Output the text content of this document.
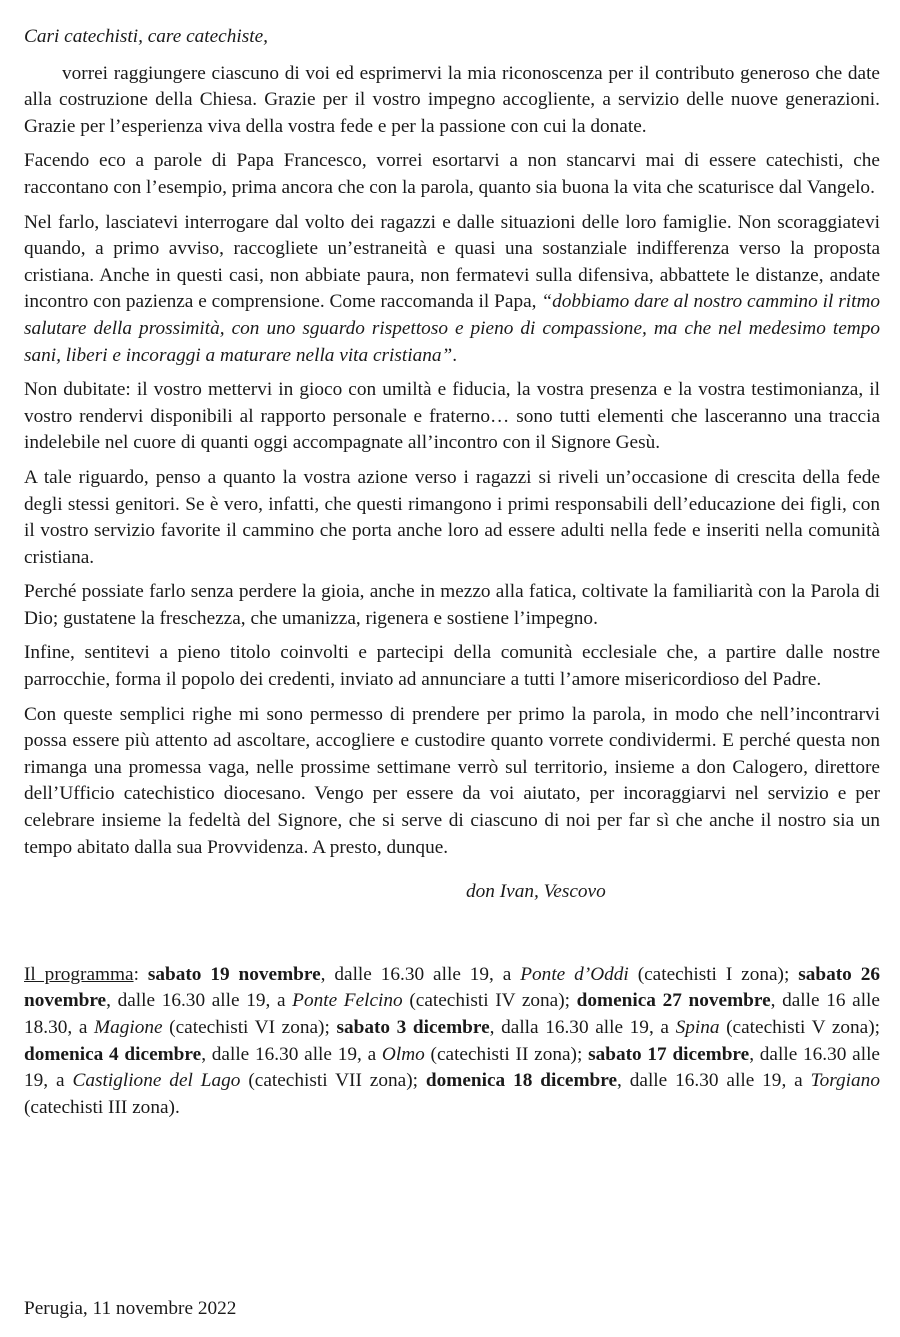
Cari catechisti, care catechiste,

vorrei raggiungere ciascuno di voi ed esprimervi la mia riconoscenza per il contributo generoso che date alla costruzione della Chiesa. Grazie per il vostro impegno accogliente, a servizio delle nuove generazioni. Grazie per l’esperienza viva della vostra fede e per la passione con cui la donate.

Facendo eco a parole di Papa Francesco, vorrei esortarvi a non stancarvi mai di essere catechisti, che raccontano con l’esempio, prima ancora che con la parola, quanto sia buona la vita che scaturisce dal Vangelo.

Nel farlo, lasciatevi interrogare dal volto dei ragazzi e dalle situazioni delle loro famiglie. Non scoraggiatevi quando, a primo avviso, raccogliete un’estraneità e quasi una sostanziale indifferenza verso la proposta cristiana. Anche in questi casi, non abbiate paura, non fermatevi sulla difensiva, abbattete le distanze, andate incontro con pazienza e comprensione. Come raccomanda il Papa, “dobbiamo dare al nostro cammino il ritmo salutare della prossimità, con uno sguardo rispettoso e pieno di compassione, ma che nel medesimo tempo sani, liberi e incoraggi a maturare nella vita cristiana”.

Non dubitate: il vostro mettervi in gioco con umiltà e fiducia, la vostra presenza e la vostra testimonianza, il vostro rendervi disponibili al rapporto personale e fraterno… sono tutti elementi che lasceranno una traccia indelebile nel cuore di quanti oggi accompagnate all’incontro con il Signore Gesù.

A tale riguardo, penso a quanto la vostra azione verso i ragazzi si riveli un’occasione di crescita della fede degli stessi genitori. Se è vero, infatti, che questi rimangono i primi responsabili dell’educazione dei figli, con il vostro servizio favorite il cammino che porta anche loro ad essere adulti nella fede e inseriti nella comunità cristiana.

Perché possiate farlo senza perdere la gioia, anche in mezzo alla fatica, coltivate la familiarità con la Parola di Dio; gustatene la freschezza, che umanizza, rigenera e sostiene l’impegno.

Infine, sentitevi a pieno titolo coinvolti e partecipi della comunità ecclesiale che, a partire dalle nostre parrocchie, forma il popolo dei credenti, inviato ad annunciare a tutti l’amore misericordioso del Padre.

Con queste semplici righe mi sono permesso di prendere per primo la parola, in modo che nell’incontrarvi possa essere più attento ad ascoltare, accogliere e custodire quanto vorrete condividermi. E perché questa non rimanga una promessa vaga, nelle prossime settimane verrò sul territorio, insieme a don Calogero, direttore dell’Ufficio catechistico diocesano. Vengo per essere da voi aiutato, per incoraggiarvi nel servizio e per celebrare insieme la fedeltà del Signore, che si serve di ciascuno di noi per far sì che anche il nostro sia un tempo abitato dalla sua Provvidenza. A presto, dunque.

don Ivan, Vescovo

Il programma: sabato 19 novembre, dalle 16.30 alle 19, a Ponte d’Oddi (catechisti I zona); sabato 26 novembre, dalle 16.30 alle 19, a Ponte Felcino (catechisti IV zona); domenica 27 novembre, dalle 16 alle 18.30, a Magione (catechisti VI zona); sabato 3 dicembre, dalla 16.30 alle 19, a Spina (catechisti V zona); domenica 4 dicembre, dalle 16.30 alle 19, a Olmo (catechisti II zona); sabato 17 dicembre, dalle 16.30 alle 19, a Castiglione del Lago (catechisti VII zona); domenica 18 dicembre, dalle 16.30 alle 19, a Torgiano (catechisti III zona).

Perugia, 11 novembre 2022
